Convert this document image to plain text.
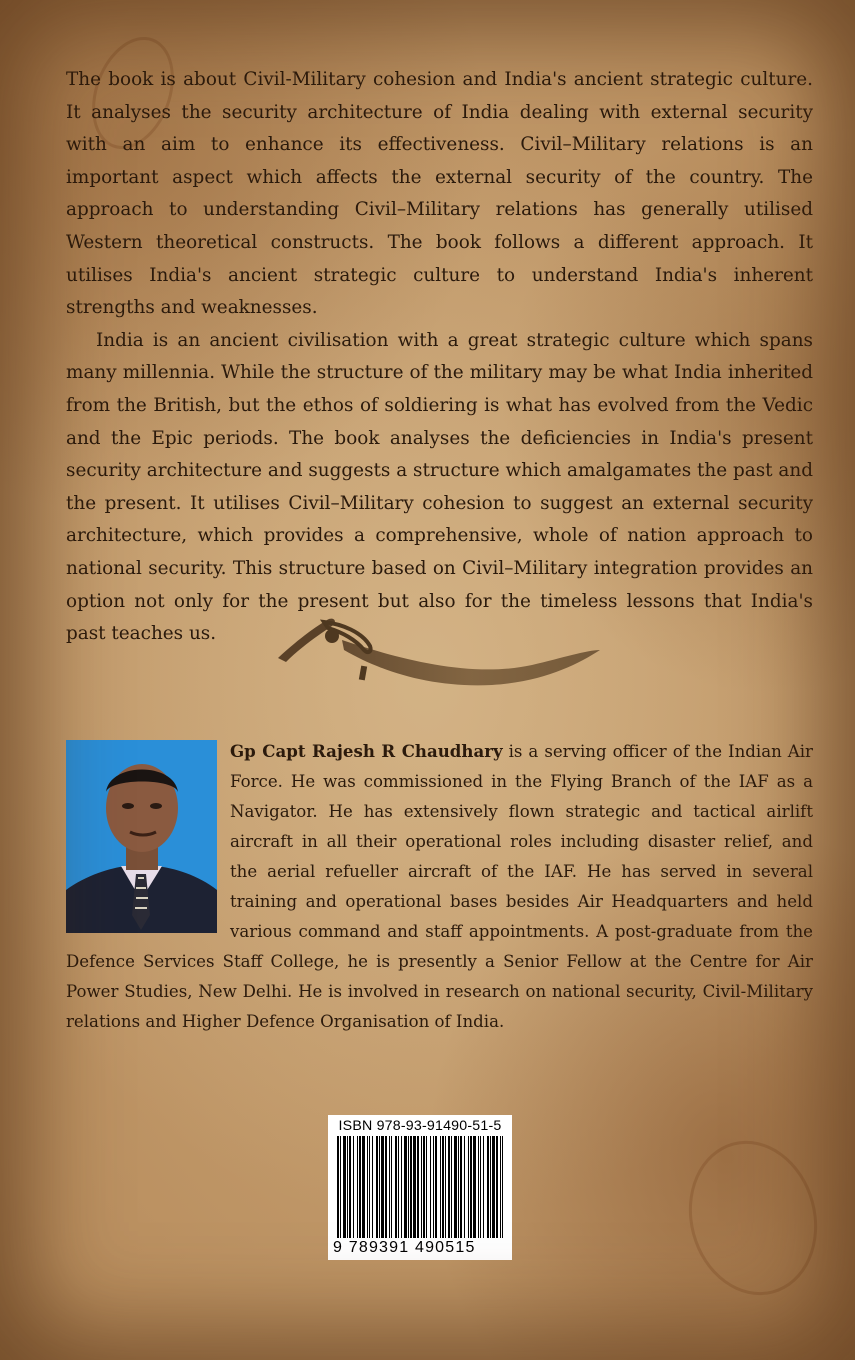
The book is about Civil-Military cohesion and India's ancient strategic culture. It analyses the security architecture of India dealing with external security with an aim to enhance its effectiveness. Civil–Military relations is an important aspect which affects the external security of the country. The approach to understanding Civil–Military relations has generally utilised Western theoretical constructs. The book follows a different approach. It utilises India's ancient strategic culture to understand India's inherent strengths and weaknesses.

India is an ancient civilisation with a great strategic culture which spans many millennia. While the structure of the military may be what India inherited from the British, but the ethos of soldiering is what has evolved from the Vedic and the Epic periods. The book analyses the deficiencies in India's present security architecture and suggests a structure which amalgamates the past and the present. It utilises Civil–Military cohesion to suggest an external security architecture, which provides a comprehensive, whole of nation approach to national security. This structure based on Civil–Military integration provides an option not only for the present but also for the timeless lessons that India's past teaches us.

Gp Capt Rajesh R Chaudhary is a serving officer of the Indian Air Force. He was commissioned in the Flying Branch of the IAF as a Navigator. He has extensively flown strategic and tactical airlift aircraft in all their operational roles including disaster relief, and the aerial refueller aircraft of the IAF. He has served in several training and operational bases besides Air Headquarters and held various command and staff appointments. A post-graduate from the Defence Services Staff College, he is presently a Senior Fellow at the Centre for Air Power Studies, New Delhi. He is involved in research on national security, Civil-Military relations and Higher Defence Organisation of India.
ISBN 978-93-91490-51-5
9 789391 490515
